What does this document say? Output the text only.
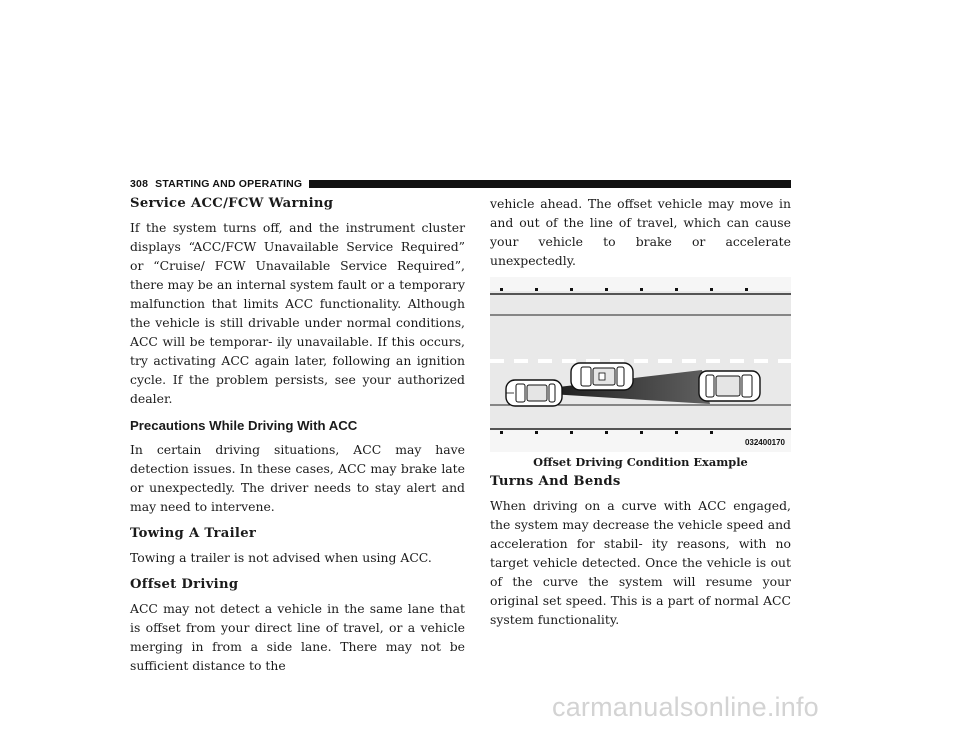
308 STARTING AND OPERATING
Service ACC/FCW Warning

If the system turns off, and the instrument cluster displays “ACC/FCW Unavailable Service Required” or “Cruise/ FCW Unavailable Service Required”, there may be an internal system fault or a temporary malfunction that limits ACC functionality. Although the vehicle is still drivable under normal conditions, ACC will be temporar- ily unavailable. If this occurs, try activating ACC again later, following an ignition cycle. If the problem persists, see your authorized dealer.

Precautions While Driving With ACC

In certain driving situations, ACC may have detection issues. In these cases, ACC may brake late or unexpectedly. The driver needs to stay alert and may need to intervene.

Towing A Trailer

Towing a trailer is not advised when using ACC.

Offset Driving

ACC may not detect a vehicle in the same lane that is offset from your direct line of travel, or a vehicle merging in from a side lane. There may not be sufficient distance to the

vehicle ahead. The offset vehicle may move in and out of the line of travel, which can cause your vehicle to brake or accelerate unexpectedly.

032400170
Offset Driving Condition Example
Turns And Bends

When driving on a curve with ACC engaged, the system may decrease the vehicle speed and acceleration for stabil- ity reasons, with no target vehicle detected. Once the vehicle is out of the curve the system will resume your original set speed. This is a part of normal ACC system functionality.

carmanualsonline.info
